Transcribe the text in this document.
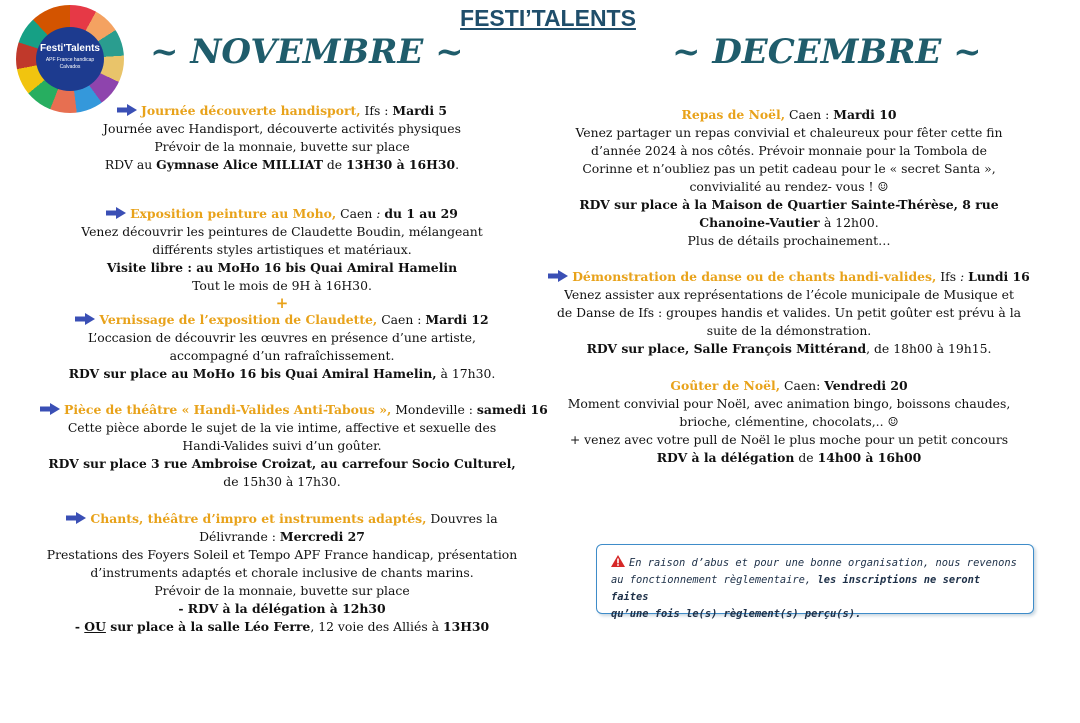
Festi'Talents
APF France handicap
Calvados
FESTI’TALENTS
~ NOVEMBRE ~	~ DECEMBRE ~

Journée découverte handisport, Ifs : Mardi 5

Journée avec Handisport, découverte activités physiques

Prévoir de la monnaie, buvette sur place

RDV au Gymnase Alice MILLIAT de 13H30 à 16H30.

Exposition peinture au Moho, Caen : du 1 au 29

Venez découvrir les peintures de Claudette Boudin, mélangeant

différents styles artistiques et matériaux.

Visite libre : au MoHo 16 bis Quai Amiral Hamelin

Tout le mois de 9H à 16H30.

+

Vernissage de l’exposition de Claudette, Caen : Mardi 12

L’occasion de découvrir les œuvres en présence d’une artiste,

accompagné d’un rafraîchissement.

RDV sur place au MoHo 16 bis Quai Amiral Hamelin, à 17h30.

Pièce de théâtre « Handi-Valides Anti-Tabous », Mondeville : samedi 16

Cette pièce aborde le sujet de la vie intime, affective et sexuelle des

Handi-Valides suivi d’un goûter.

RDV sur place 3 rue Ambroise Croizat, au carrefour Socio Culturel,

de 15h30 à 17h30.

Chants, théâtre d’impro et instruments adaptés, Douvres la

Délivrande : Mercredi 27

Prestations des Foyers Soleil et Tempo APF France handicap, présentation

d’instruments adaptés et chorale inclusive de chants marins.

Prévoir de la monnaie, buvette sur place

- RDV à la délégation à 12h30

- OU sur place à la salle Léo Ferre, 12 voie des Alliés à 13H30

Repas de Noël, Caen : Mardi 10

Venez partager un repas convivial et chaleureux pour fêter cette fin

d’année 2024 à nos côtés. Prévoir monnaie pour la Tombola de

Corinne et n’oubliez pas un petit cadeau pour le « secret Santa »,

convivialité au rendez- vous ! ☺

RDV sur place à la Maison de Quartier Sainte-Thérèse, 8 rue

Chanoine-Vautier à 12h00.

Plus de détails prochainement…

Démonstration de danse ou de chants handi-valides, Ifs : Lundi 16

Venez assister aux représentations de l’école municipale de Musique et

de Danse de Ifs : groupes handis et valides. Un petit goûter est prévu à la

suite de la démonstration.

RDV sur place, Salle François Mittérand, de 18h00 à 19h15.

Goûter de Noël, Caen: Vendredi 20

Moment convivial pour Noël, avec animation bingo, boissons chaudes,

brioche, clémentine, chocolats,.. ☺

+ venez avec votre pull de Noël le plus moche pour un petit concours

RDV à la délégation de 14h00 à 16h00

En raison d’abus et pour une bonne organisation, nous revenons
au fonctionnement règlementaire, les inscriptions ne seront faites
qu’une fois le(s) règlement(s) perçu(s).
